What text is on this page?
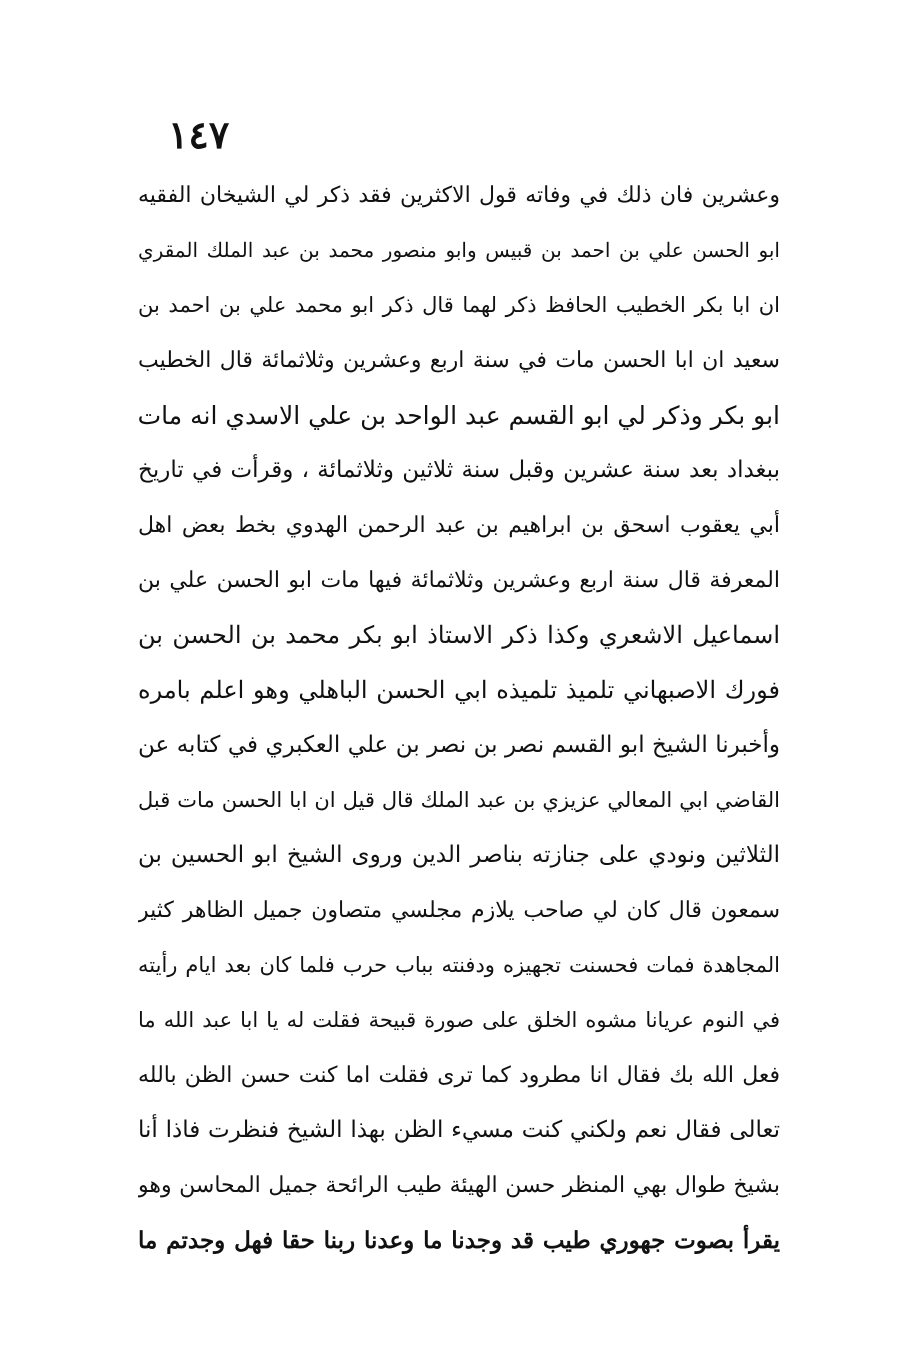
١٤٧
وعشرين فان ذلك في وفاته قول الاكثرين فقد ذكر لي الشيخان الفقيه
ابو الحسن علي بن احمد بن قبيس وابو منصور محمد بن عبد الملك المقري
ان ابا بكر الخطيب الحافظ ذكر لهما قال ذكر ابو محمد علي بن احمد بن
سعيد ان ابا الحسن مات في سنة اربع وعشرين وثلاثمائة قال الخطيب
ابو بكر وذكر لي ابو القسم عبد الواحد بن علي الاسدي انه مات
ببغداد بعد سنة عشرين وقبل سنة ثلاثين وثلاثمائة ، وقرأت في تاريخ
أبي يعقوب اسحق بن ابراهيم بن عبد الرحمن الهدوي بخط بعض اهل
المعرفة قال سنة اربع وعشرين وثلاثمائة فيها مات ابو الحسن علي بن
اسماعيل الاشعري وكذا ذكر الاستاذ ابو بكر محمد بن الحسن بن
فورك الاصبهاني تلميذ تلميذه ابي الحسن الباهلي وهو اعلم بامره
وأخبرنا الشيخ ابو القسم نصر بن نصر بن علي العكبري في كتابه عن
القاضي ابي المعالي عزيزي بن عبد الملك قال قيل ان ابا الحسن مات قبل
الثلاثين ونودي على جنازته بناصر الدين وروى الشيخ ابو الحسين بن
سمعون قال كان لي صاحب يلازم مجلسي متصاون جميل الظاهر كثير
المجاهدة فمات فحسنت تجهيزه ودفنته بباب حرب فلما كان بعد ايام رأيته
في النوم عريانا مشوه الخلق على صورة قبيحة فقلت له يا ابا عبد الله ما
فعل الله بك فقال انا مطرود كما ترى فقلت اما كنت حسن الظن بالله
تعالى فقال نعم ولكني كنت مسيء الظن بهذا الشيخ فنظرت فاذا أنا
بشيخ طوال بهي المنظر حسن الهيئة طيب الرائحة جميل المحاسن وهو
يقرأ بصوت جهوري طيب قد وجدنا ما وعدنا ربنا حقا فهل وجدتم ما
